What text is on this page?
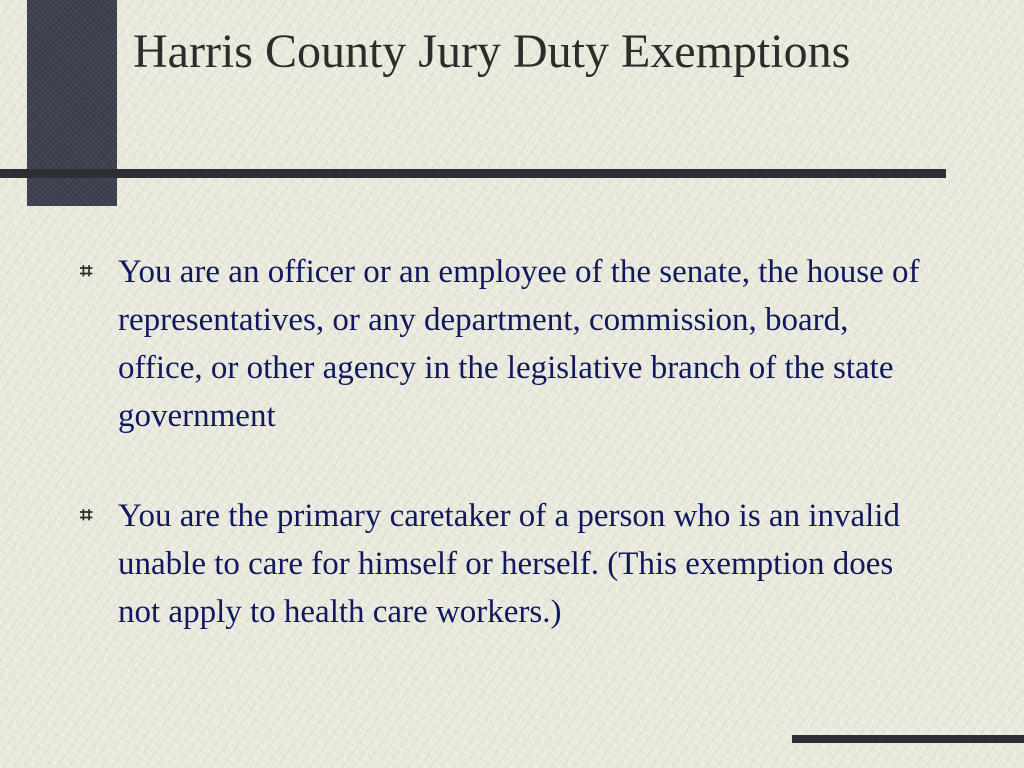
Harris County Jury Duty Exemptions
⌗ You are an officer or an employee of the senate, the house of representatives, or any department, commission, board, office, or other agency in the legislative branch of the state government
⌗ You are the primary caretaker of a person who is an invalid unable to care for himself or herself. (This exemption does not apply to health care workers.)
